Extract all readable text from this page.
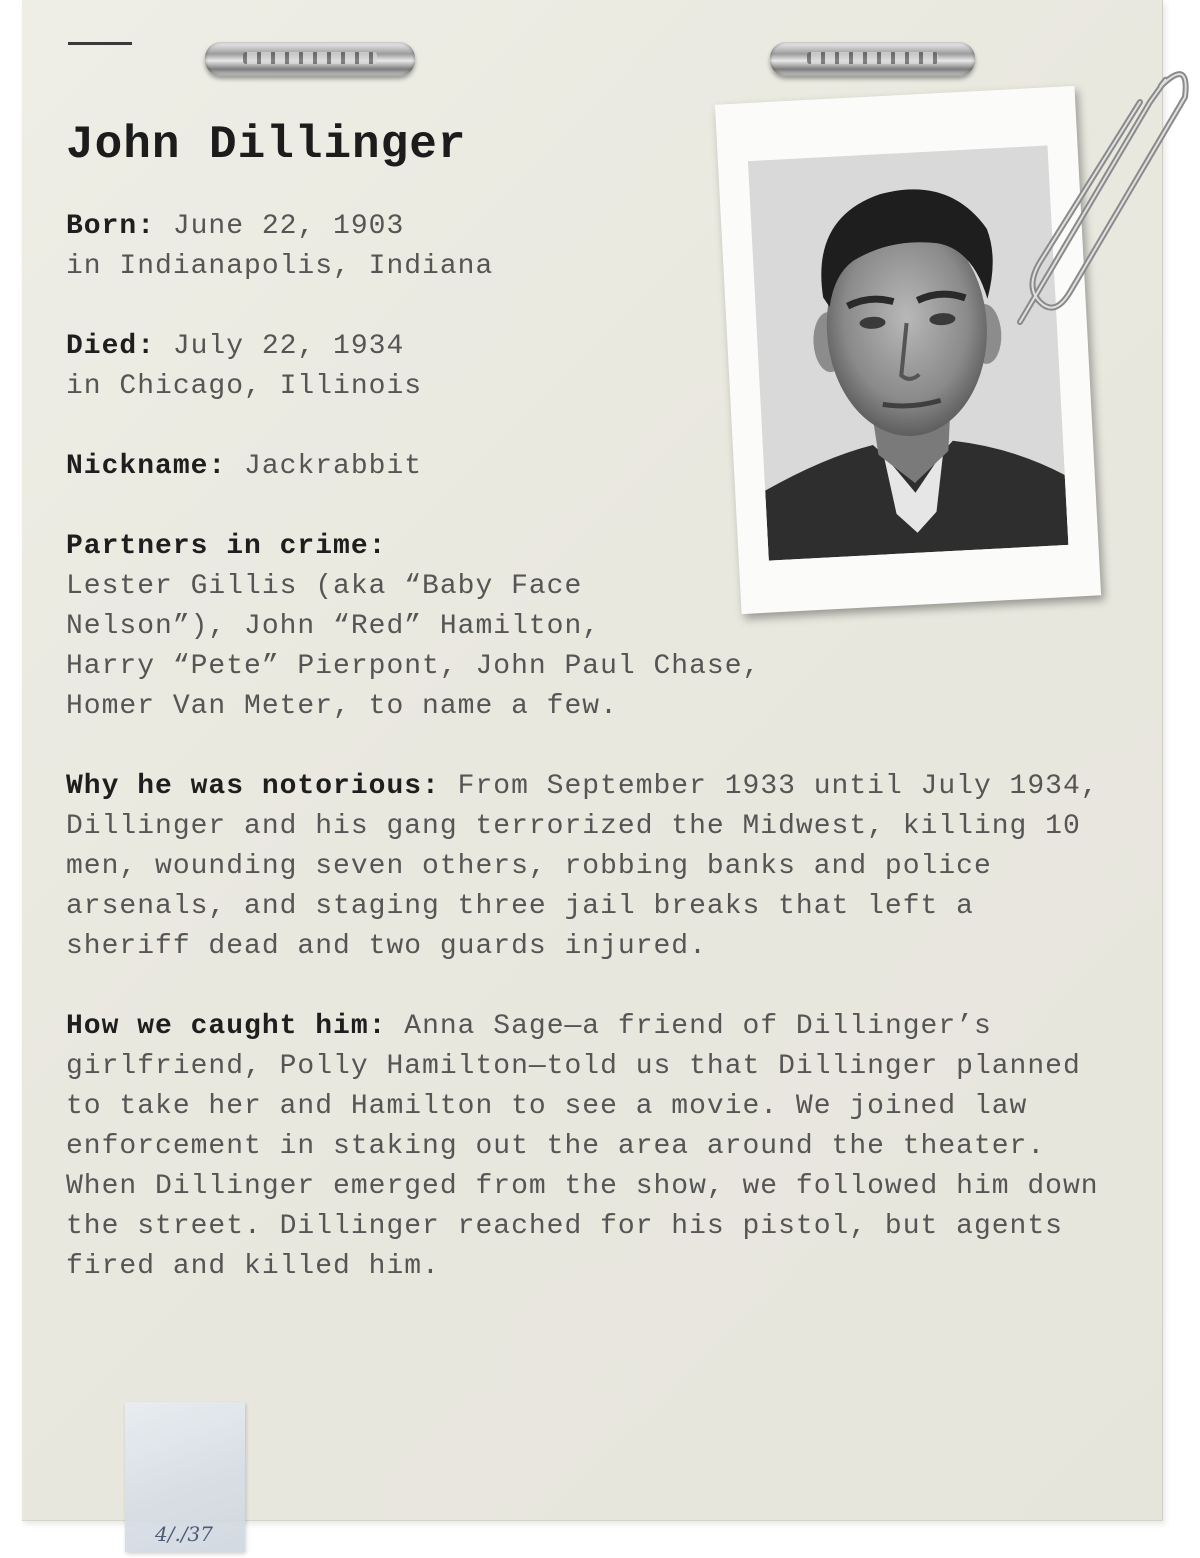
John Dillinger
Born: June 22, 1903
in Indianapolis, Indiana
Died: July 22, 1934
in Chicago, Illinois
Nickname: Jackrabbit
Partners in crime:
Lester Gillis (aka “Baby Face
Nelson”), John “Red” Hamilton,
Harry “Pete” Pierpont, John Paul Chase,
Homer Van Meter, to name a few.
Why he was notorious: From September 1933 until July 1934, Dillinger and his gang terrorized the Midwest, killing 10 men, wounding seven others, robbing banks and police arsenals, and staging three jail breaks that left a sheriff dead and two guards injured.
How we caught him: Anna Sage—a friend of Dillinger’s girlfriend, Polly Hamilton—told us that Dillinger planned to take her and Hamilton to see a movie. We joined law enforcement in staking out the area around the theater. When Dillinger emerged from the show, we followed him down the street. Dillinger reached for his pistol, but agents fired and killed him.
4/./37
